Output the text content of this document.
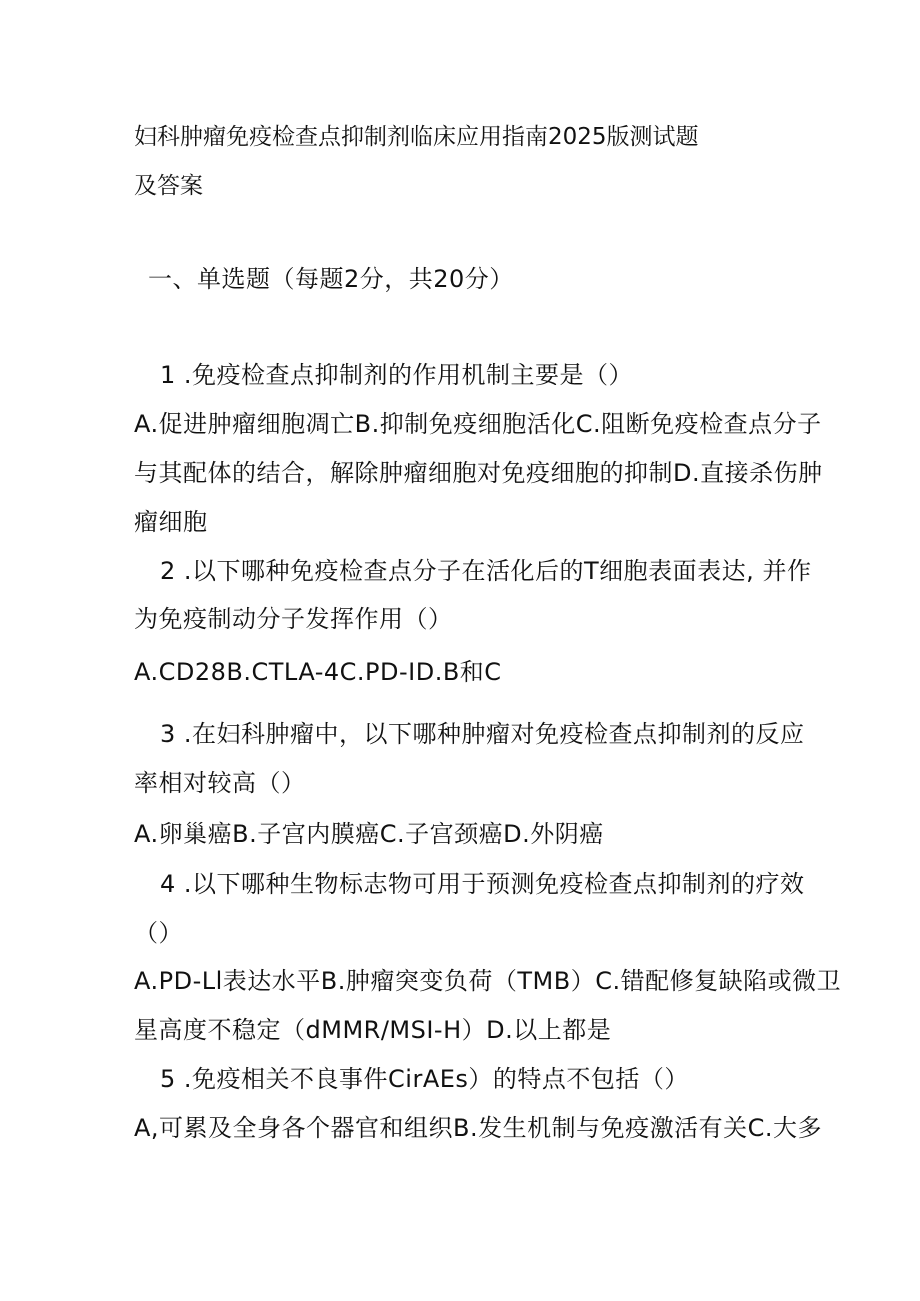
妇科肿瘤免疫检查点抑制剂临床应用指南2025版测试题

及答案

一、单选题（每题2分，共20分）

1 .免疫检查点抑制剂的作用机制主要是（）

A.促进肿瘤细胞凋亡B.抑制免疫细胞活化C.阻断免疫检查点分子

与其配体的结合，解除肿瘤细胞对免疫细胞的抑制D.直接杀伤肿

瘤细胞

2 .以下哪种免疫检查点分子在活化后的T细胞表面表达, 并作

为免疫制动分子发挥作用（）

A.CD28B.CTLA-4C.PD-ID.B和C

3 .在妇科肿瘤中，以下哪种肿瘤对免疫检查点抑制剂的反应

率相对较高（）

A.卵巢癌B.子宫内膜癌C.子宫颈癌D.外阴癌

4 .以下哪种生物标志物可用于预测免疫检查点抑制剂的疗效

（）

A.PD-Ll表达水平B.肿瘤突变负荷（TMB）C.错配修复缺陷或微卫

星高度不稳定（dMMR/MSI-H）D.以上都是

5 .免疫相关不良事件CirAEs）的特点不包括（）

A,可累及全身各个器官和组织B.发生机制与免疫激活有关C.大多
